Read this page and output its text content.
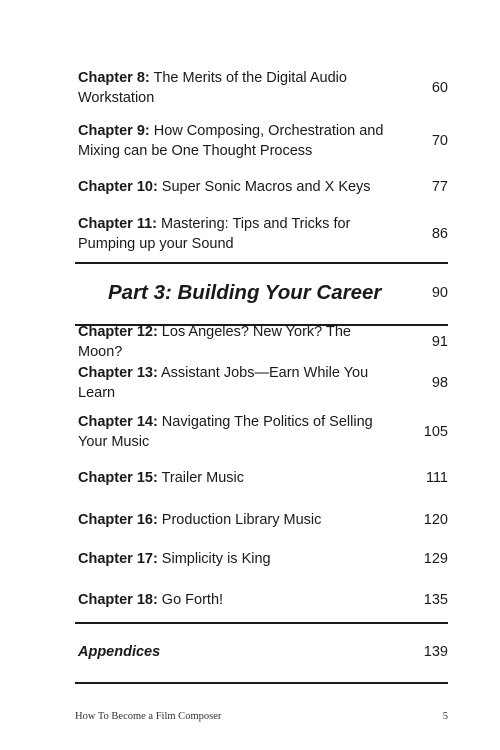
Chapter 8: The Merits of the Digital Audio Workstation
60
Chapter 9: How Composing, Orchestration and Mixing can be One Thought Process
70
Chapter 10: Super Sonic Macros and X Keys	77
Chapter 11: Mastering: Tips and Tricks for Pumping up your Sound
86
Part 3: Building Your Career	90
Chapter 12: Los Angeles? New York? The Moon?
91
Chapter 13: Assistant Jobs—Earn While You Learn
98
Chapter 14: Navigating The Politics of Selling Your Music
105
Chapter 15: Trailer Music	111
Chapter 16: Production Library Music	120
Chapter 17: Simplicity is King	129
Chapter 18: Go Forth!	135
Appendices	139
How To Become a Film Composer	5
